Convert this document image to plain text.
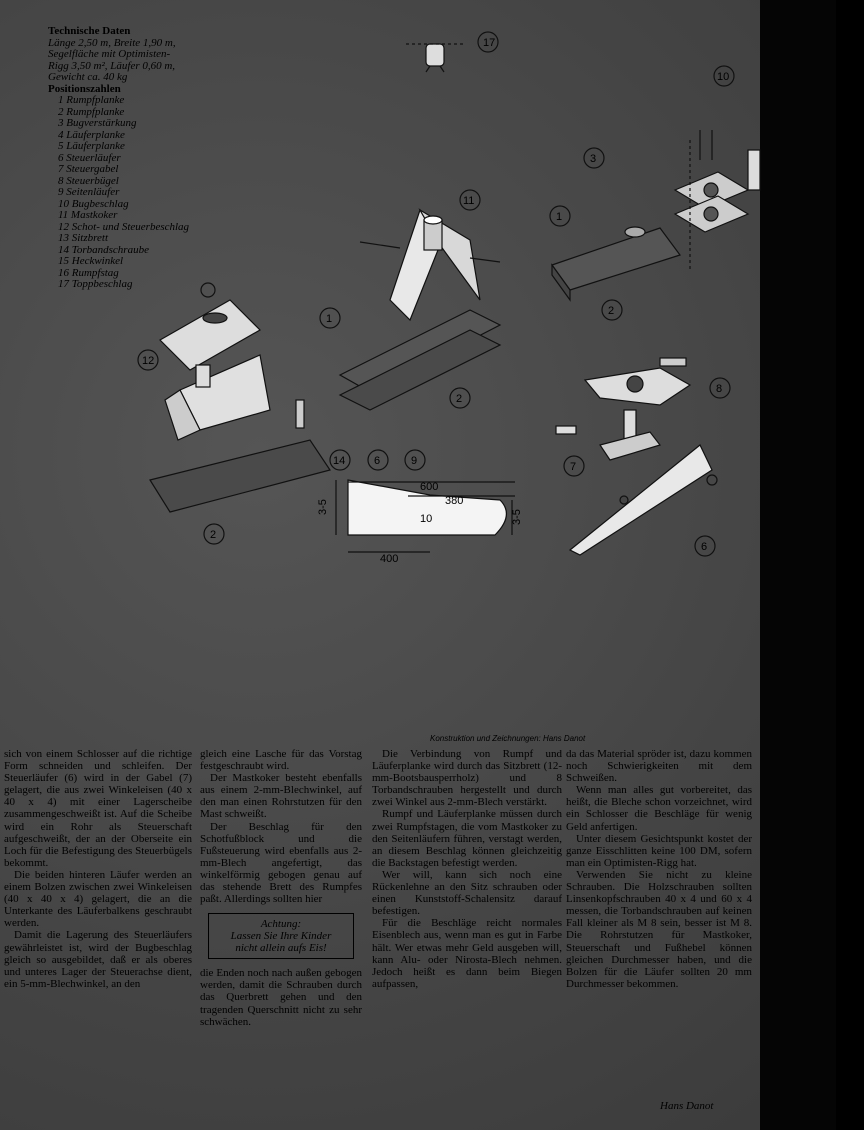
17
10
11
3
1
2
1
2
12
8
7
6	9
14
2
6
600
380
400
3-5
3-5
10
Technische Daten
Länge 2,50 m, Breite 1,90 m,
Segelfläche mit Optimisten-
Rigg 3,50 m², Läufer 0,60 m,
Gewicht ca. 40 kg
Positionszahlen
1 Rumpfplanke
2 Rumpfplanke
3 Bugverstärkung
4 Läuferplanke
5 Läuferplanke
6 Steuerläufer
7 Steuergabel
8 Steuerbügel
9 Seitenläufer
10 Bugbeschlag
11 Mastkoker
12 Schot- und Steuerbeschlag
13 Sitzbrett
14 Torbandschraube
15 Heckwinkel
16 Rumpfstag
17 Toppbeschlag
Konstruktion und Zeichnungen: Hans Danot

sich von einem Schlosser auf die richtige Form schneiden und schleifen. Der Steuerläufer (6) wird in der Gabel (7) gelagert, die aus zwei Winkeleisen (40 x 40 x 4) mit einer Lagerscheibe zusammengeschweißt ist. Auf die Scheibe wird ein Rohr als Steuerschaft aufgeschweißt, der an der Oberseite ein Loch für die Befestigung des Steuerbügels bekommt.

Die beiden hinteren Läufer werden an einem Bolzen zwischen zwei Winkeleisen (40 x 40 x 4) gelagert, die an die Unterkante des Läuferbalkens geschraubt werden.

Damit die Lagerung des Steuerläufers gewährleistet ist, wird der Bugbeschlag gleich so ausgebildet, daß er als oberes und unteres Lager der Steuerachse dient, ein 5-mm-Blechwinkel, an den

gleich eine Lasche für das Vorstag festgeschraubt wird.

Der Mastkoker besteht ebenfalls aus einem 2-mm-Blechwinkel, auf den man einen Rohrstutzen für den Mast schweißt.

Der Beschlag für den Schotfußblock und die Fußsteuerung wird ebenfalls aus 2-mm-Blech angefertigt, das winkelförmig gebogen genau auf das stehende Brett des Rumpfes paßt. Allerdings sollten hier

Achtung:
Lassen Sie Ihre Kinder
nicht allein aufs Eis!

die Enden noch nach außen gebogen werden, damit die Schrauben durch das Querbrett gehen und den tragenden Querschnitt nicht zu sehr schwächen.

Die Verbindung von Rumpf und Läuferplanke wird durch das Sitzbrett (12-mm-Bootsbausperrholz) und 8 Torbandschrauben hergestellt und durch zwei Winkel aus 2-mm-Blech verstärkt.

Rumpf und Läuferplanke müssen durch zwei Rumpfstagen, die vom Mastkoker zu den Seitenläufern führen, verstagt werden, an diesem Beschlag können gleichzeitig die Backstagen befestigt werden.

Wer will, kann sich noch eine Rückenlehne an den Sitz schrauben oder einen Kunststoff-Schalensitz darauf befestigen.

Für die Beschläge reicht normales Eisenblech aus, wenn man es gut in Farbe hält. Wer etwas mehr Geld ausgeben will, kann Alu- oder Nirosta-Blech nehmen. Jedoch heißt es dann beim Biegen aufpassen,

da das Material spröder ist, dazu kommen noch Schwierigkeiten mit dem Schweißen.

Wenn man alles gut vorbereitet, das heißt, die Bleche schon vorzeichnet, wird ein Schlosser die Beschläge für wenig Geld anfertigen.

Unter diesem Gesichtspunkt kostet der ganze Eisschlitten keine 100 DM, sofern man ein Optimisten-Rigg hat.

Verwenden Sie nicht zu kleine Schrauben. Die Holzschrauben sollten Linsenkopfschrauben 40 x 4 und 60 x 4 messen, die Torbandschrauben auf keinen Fall kleiner als M 8 sein, besser ist M 8. Die Rohrstutzen für Mastkoker, Steuerschaft und Fußhebel können gleichen Durchmesser haben, und die Bolzen für die Läufer sollten 20 mm Durchmesser bekommen.

Hans Danot
